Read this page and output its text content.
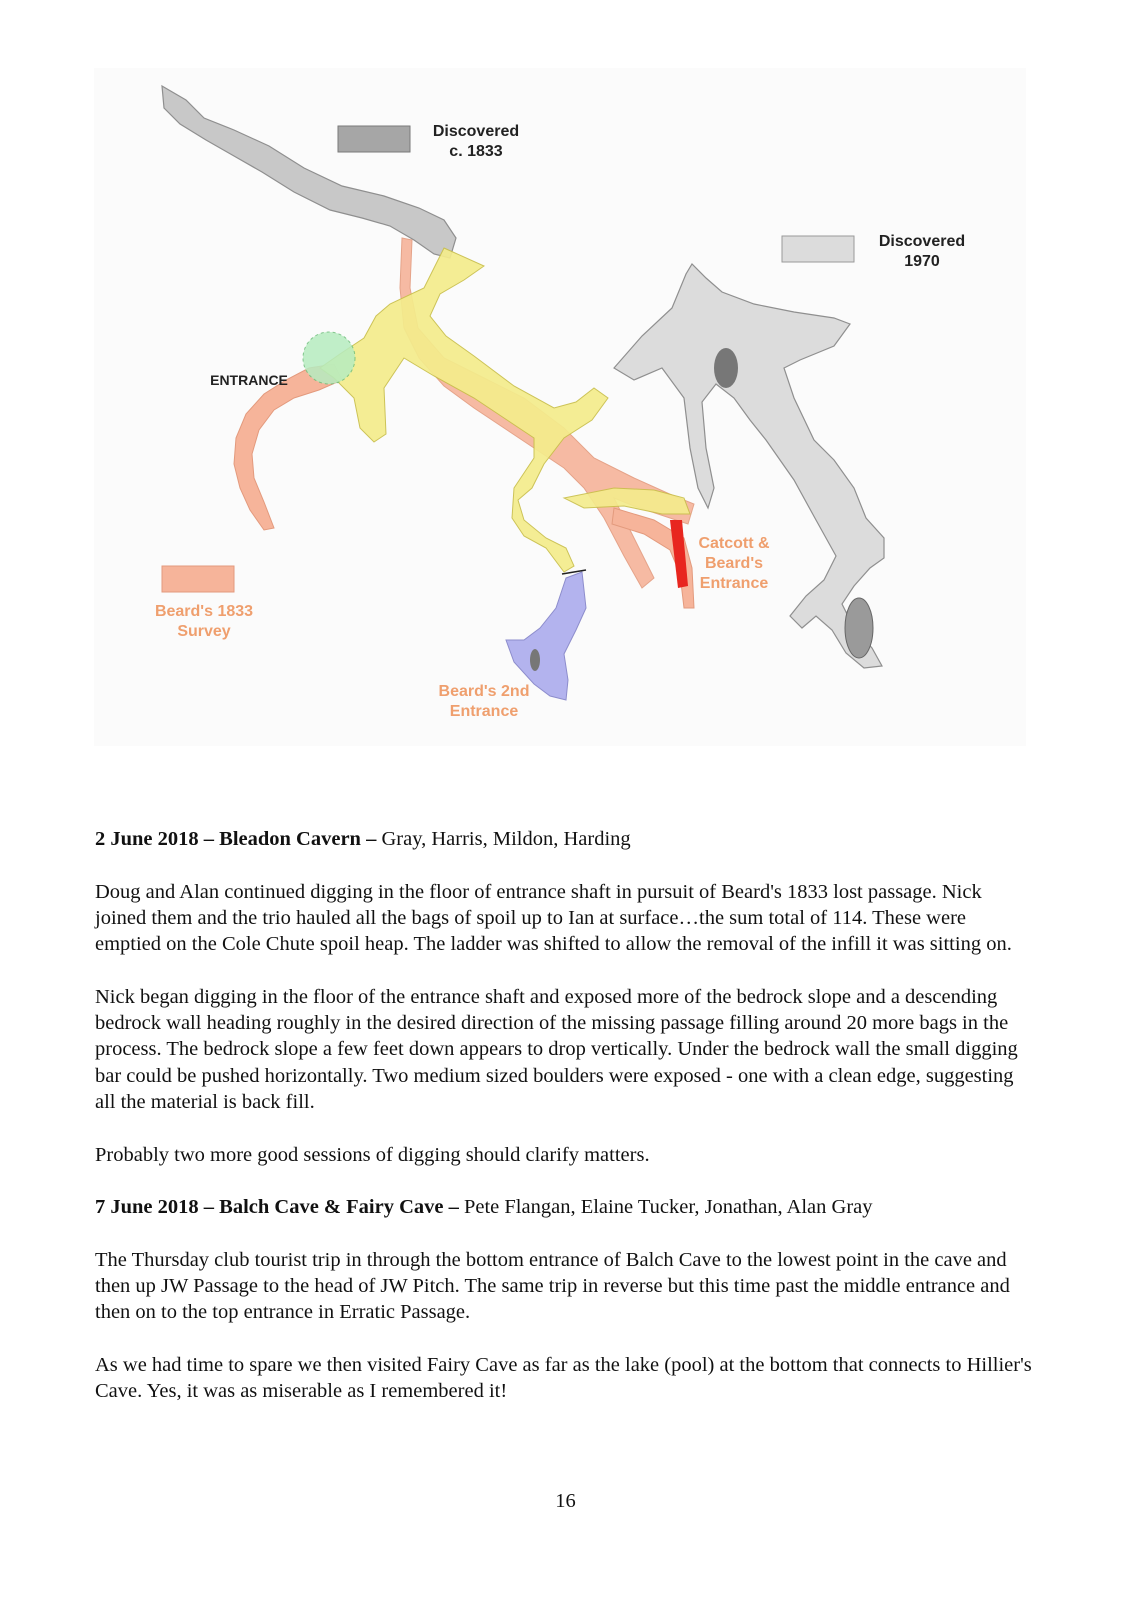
Discovered
c. 1833
Discovered
1970
Beard's 1833
Survey
ENTRANCE
Catcott &
Beard's
Entrance
Beard's 2nd
Entrance

2 June 2018 – Bleadon Cavern – Gray, Harris, Mildon, Harding

Doug and Alan continued digging in the floor of entrance shaft in pursuit of Beard's 1833 lost passage. Nick joined them and the trio hauled all the bags of spoil up to Ian at surface…the sum total of 114. These were emptied on the Cole Chute spoil heap. The ladder was shifted to allow the removal of the infill it was sitting on.

Nick began digging in the floor of the entrance shaft and exposed more of the bedrock slope and a descending bedrock wall heading roughly in the desired direction of the missing passage filling around 20 more bags in the process. The bedrock slope a few feet down appears to drop vertically. Under the bedrock wall the small digging bar could be pushed horizontally. Two medium sized boulders were exposed - one with a clean edge, suggesting all the material is back fill.

Probably two more good sessions of digging should clarify matters.

7 June 2018 – Balch Cave & Fairy Cave – Pete Flangan, Elaine Tucker, Jonathan, Alan Gray

The Thursday club tourist trip in through the bottom entrance of Balch Cave to the lowest point in the cave and then up JW Passage to the head of JW Pitch. The same trip in reverse but this time past the middle entrance and then on to the top entrance in Erratic Passage.

As we had time to spare we then visited Fairy Cave as far as the lake (pool) at the bottom that connects to Hillier's Cave. Yes, it was as miserable as I remembered it!

16
